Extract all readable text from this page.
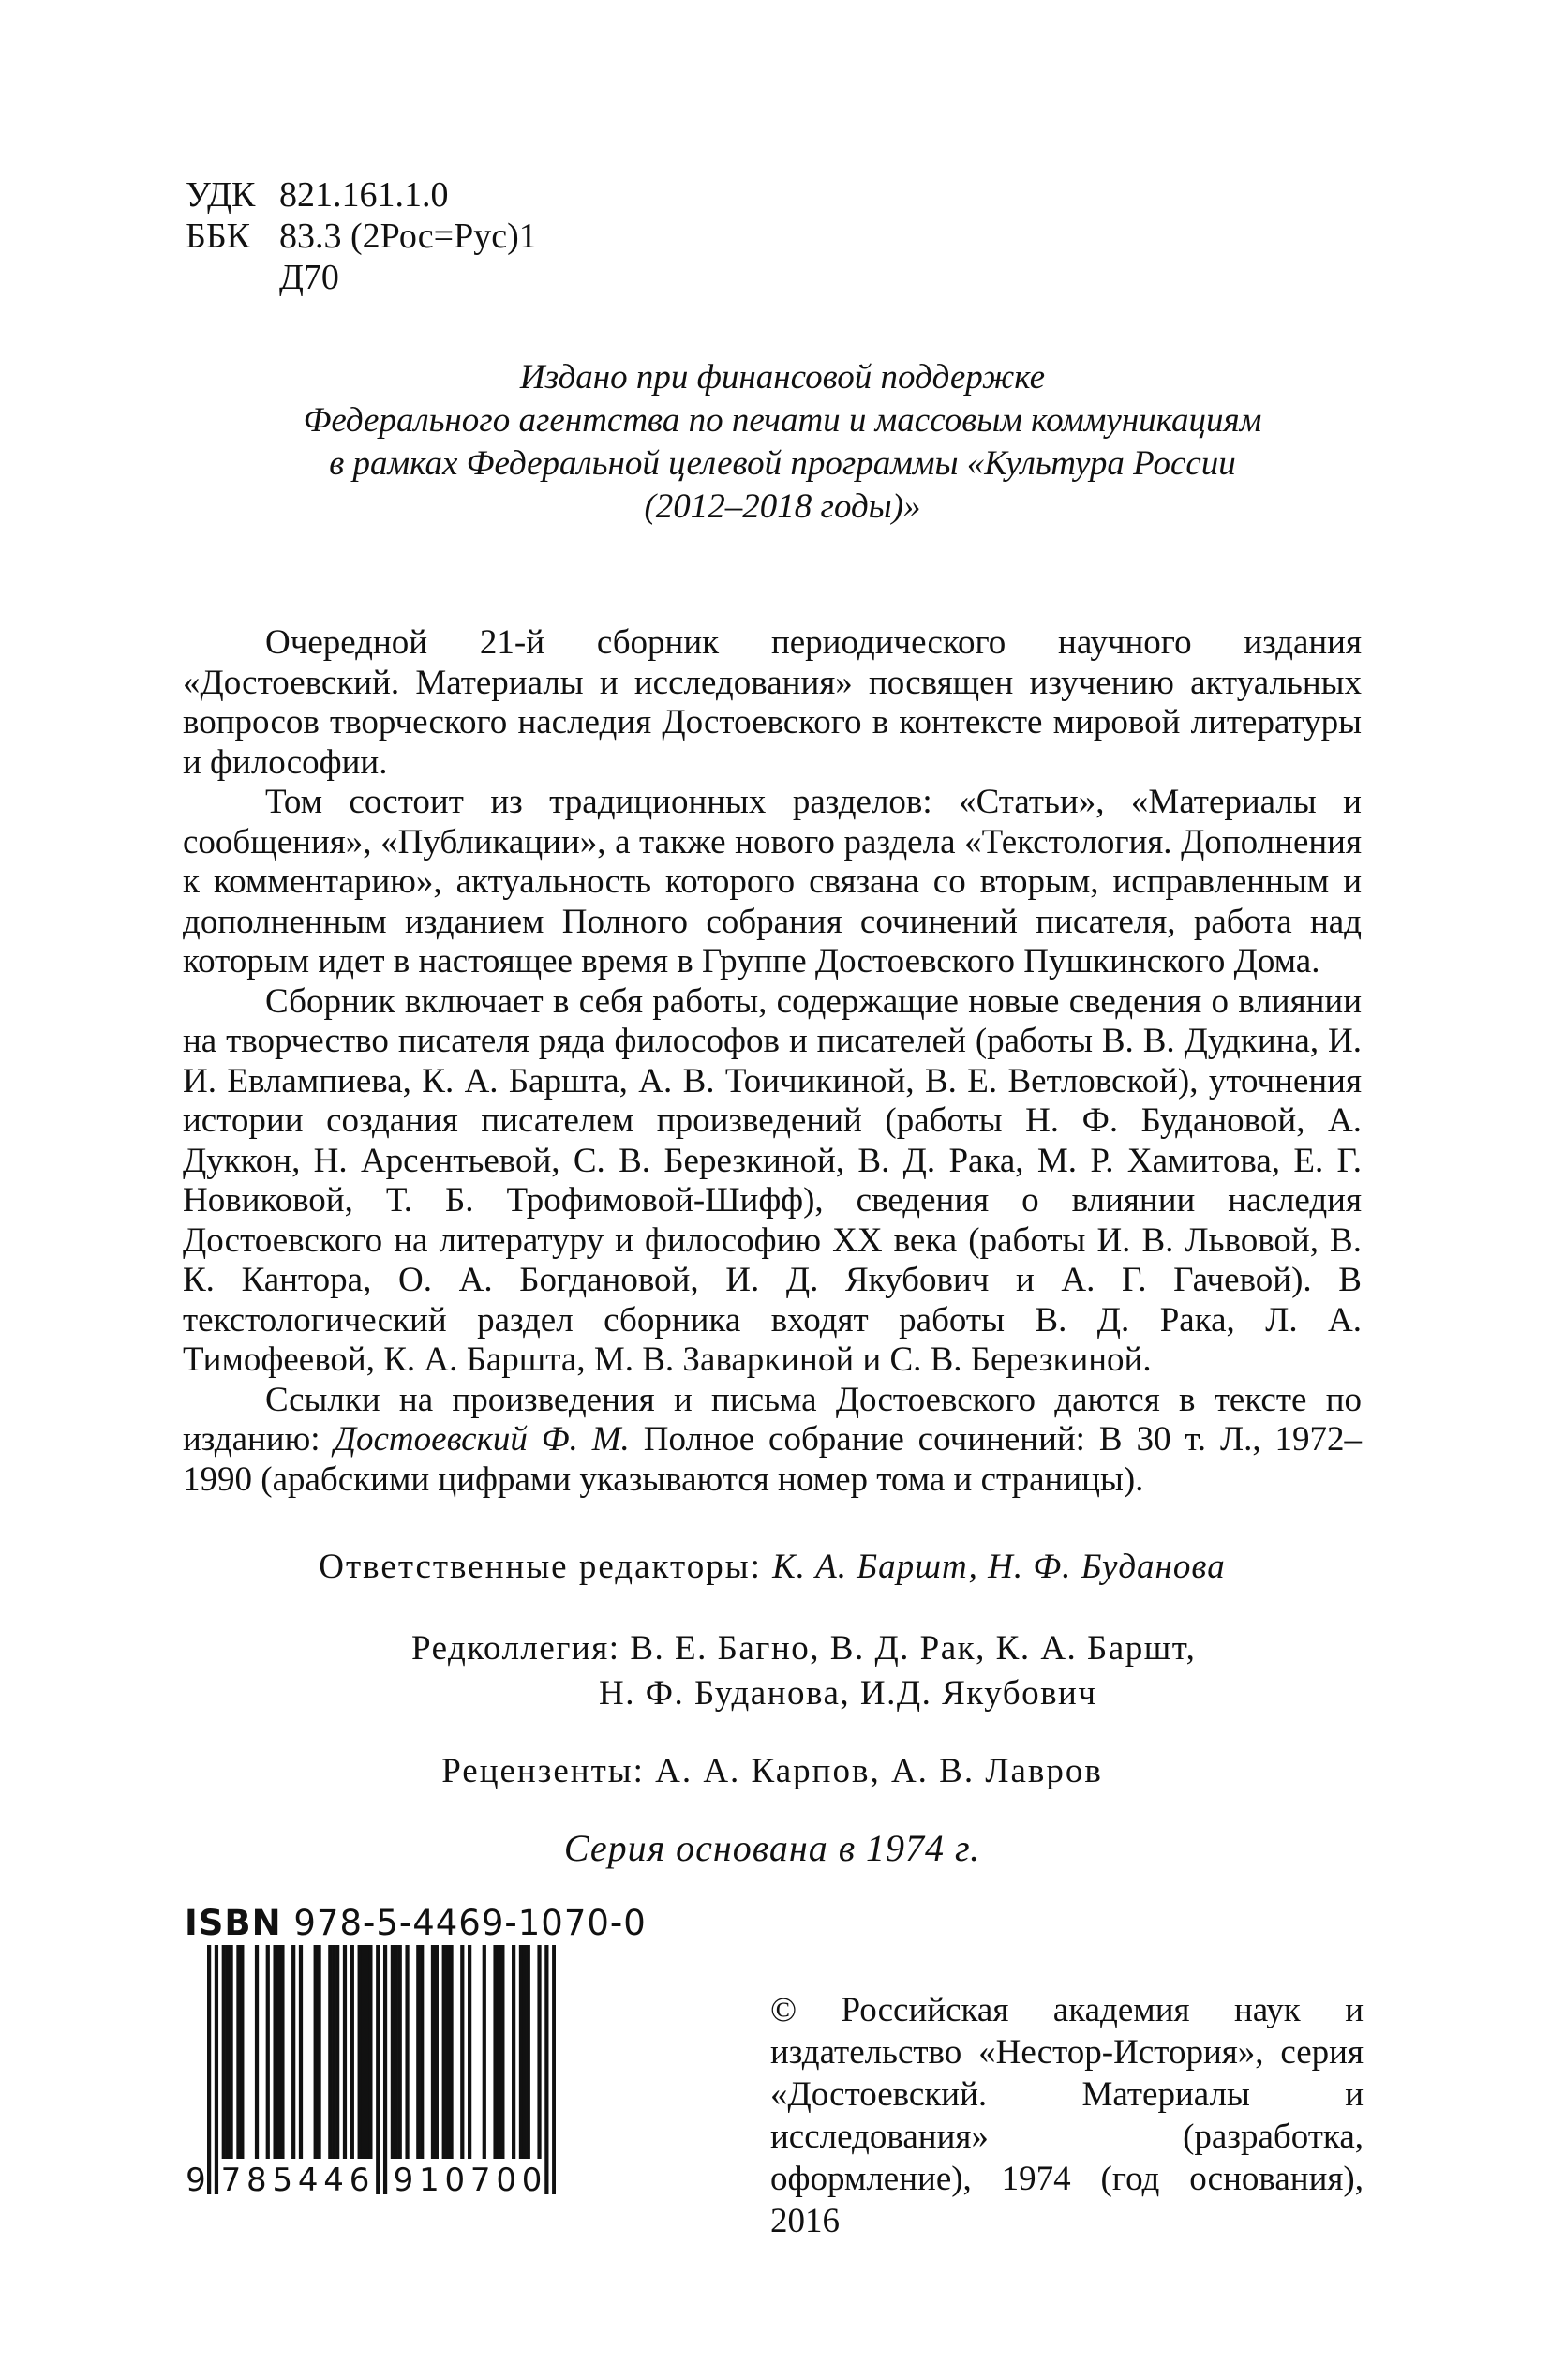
УДК 821.161.1.0
ББК 83.3 (2Рос=Рус)1
Д70
Издано при финансовой поддержке
Федерального агентства по печати и массовым коммуникациям
в рамках Федеральной целевой программы «Культура России
(2012–2018 годы)»

Очередной 21-й сборник периодического научного издания «Достоевский. Материалы и исследования» посвящен изучению актуальных вопросов творческого наследия Достоевского в контексте мировой литературы и философии.

Том состоит из традиционных разделов: «Статьи», «Материалы и сообщения», «Публикации», а также нового раздела «Текстология. Дополнения к комментарию», актуальность которого связана со вторым, исправленным и дополненным изданием Полного собрания сочинений писателя, работа над которым идет в настоящее время в Группе Достоевского Пушкинского Дома.

Сборник включает в себя работы, содержащие новые сведения о влиянии на творчество писателя ряда философов и писателей (работы В. В. Дудкина, И. И. Евлампиева, К. А. Баршта, А. В. Тоичикиной, В. Е. Ветловской), уточнения истории создания писателем произведений (работы Н. Ф. Будановой, А. Дуккон, Н. Арсентьевой, С. В. Березкиной, В. Д. Рака, М. Р. Хамитова, Е. Г. Новиковой, Т. Б. Трофимовой-Шифф), сведения о влиянии наследия Достоевского на литературу и философию XX века (работы И. В. Львовой, В. К. Кантора, О. А. Богдановой, И. Д. Якубович и А. Г. Гачевой). В текстологический раздел сборника входят работы В. Д. Рака, Л. А. Тимофеевой, К. А. Баршта, М. В. Заваркиной и С. В. Березкиной.

Ссылки на произведения и письма Достоевского даются в тексте по изданию: Достоевский Ф. М. Полное собрание сочинений: В 30 т. Л., 1972–1990 (арабскими цифрами указываются номер тома и страницы).

Ответственные редакторы: К. А. Баршт, Н. Ф. Буданова
Редколлегия: В. Е. Багно, В. Д. Рак, К. А. Баршт,
Н. Ф. Буданова, И.Д. Якубович
Рецензенты: А. А. Карпов, А. В. Лавров
Серия основана в 1974 г.
ISBN 978-5-4469-1070-0
9 7 8 5 4 4 6 9 1 0 7 0 0
© Российская академия наук и издательство «Нестор-История», серия «Достоевский. Материалы и исследования» (разработка, оформление), 1974 (год основания), 2016
